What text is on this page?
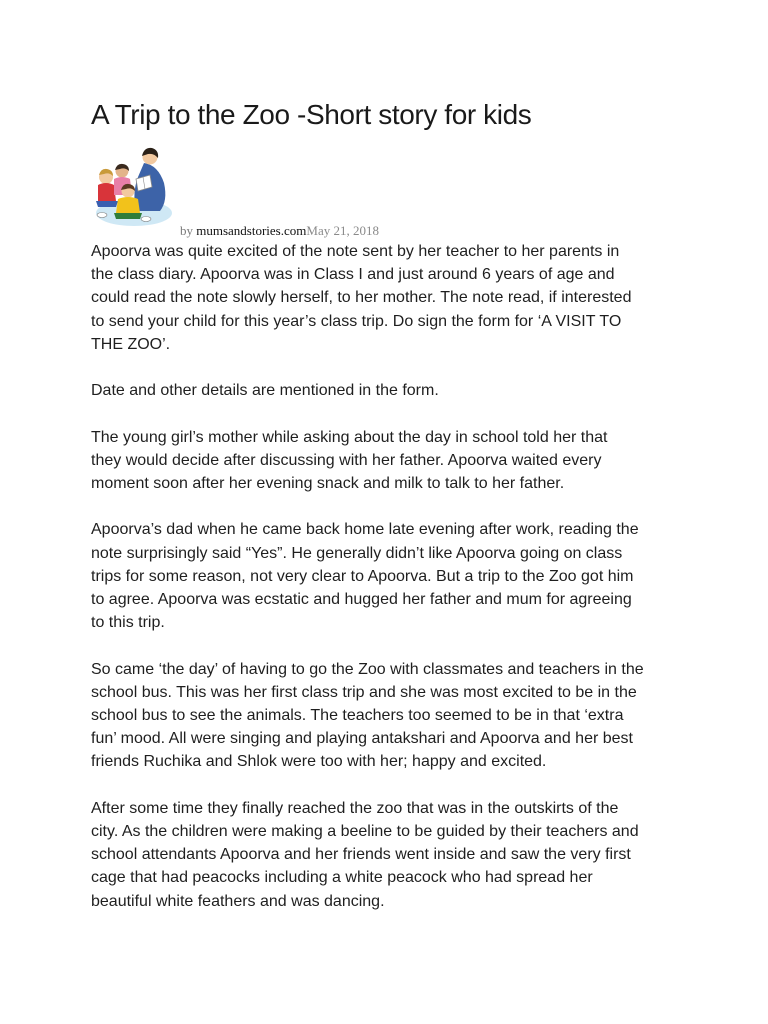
A Trip to the Zoo -Short story for kids
by mumsandstories.comMay 21, 2018

Apoorva was quite excited of the note sent by her teacher to her parents in
the class diary. Apoorva was in Class I and just around 6 years of age and
could read the note slowly herself, to her mother. The note read, if interested
to send your child for this year’s class trip. Do sign the form for ‘A VISIT TO
THE ZOO’.

Date and other details are mentioned in the form.

The young girl’s mother while asking about the day in school told her that
they would decide after discussing with her father. Apoorva waited every
moment soon after her evening snack and milk to talk to her father.

Apoorva’s dad when he came back home late evening after work, reading the
note surprisingly said “Yes”. He generally didn’t like Apoorva going on class
trips for some reason, not very clear to Apoorva. But a trip to the Zoo got him
to agree. Apoorva was ecstatic and hugged her father and mum for agreeing
to this trip.

So came ‘the day’ of having to go the Zoo with classmates and teachers in the
school bus. This was her first class trip and she was most excited to be in the
school bus to see the animals. The teachers too seemed to be in that ‘extra
fun’ mood. All were singing and playing antakshari and Apoorva and her best
friends Ruchika and Shlok were too with her; happy and excited.

After some time they finally reached the zoo that was in the outskirts of the
city. As the children were making a beeline to be guided by their teachers and
school attendants Apoorva and her friends went inside and saw the very first
cage that had peacocks including a white peacock who had spread her
beautiful white feathers and was dancing.
